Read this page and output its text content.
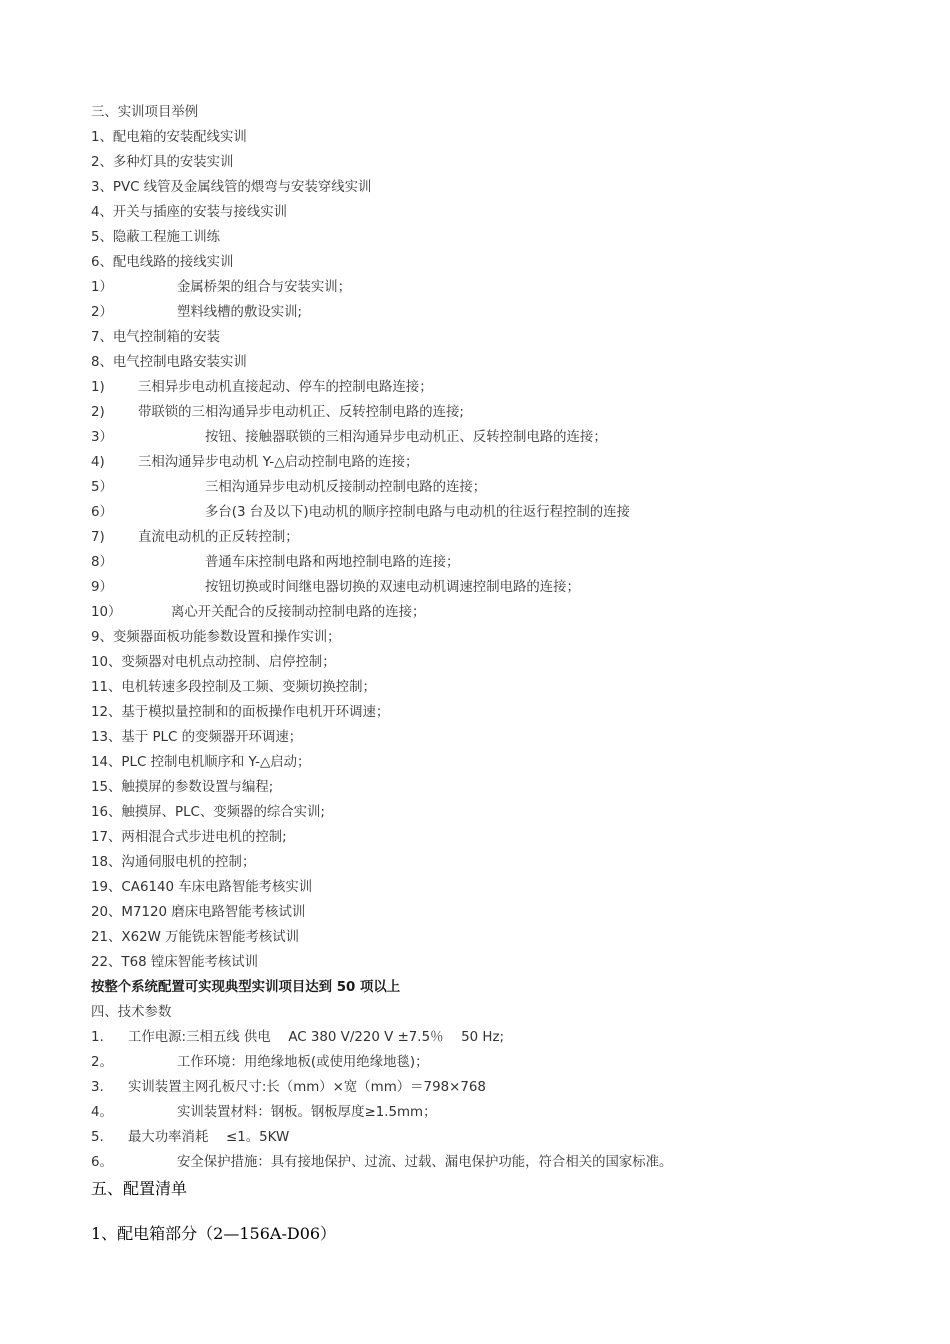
三、实训项目举例
1、配电箱的安装配线实训
2、多种灯具的安装实训
3、PVC 线管及金属线管的煨弯与安装穿线实训
4、开关与插座的安装与接线实训
5、隐蔽工程施工训练
6、配电线路的接线实训
1）	金属桥架的组合与安装实训；
2）	塑料线槽的敷设实训;
7、电气控制箱的安装
8、电气控制电路安装实训
1) 三相异步电动机直接起动、停车的控制电路连接；
2) 带联锁的三相沟通异步电动机正、反转控制电路的连接;
3）	按钮、接触器联锁的三相沟通异步电动机正、反转控制电路的连接；
4) 三相沟通异步电动机 Y-△启动控制电路的连接；
5）	三相沟通异步电动机反接制动控制电路的连接；
6）	多台(3 台及以下)电动机的顺序控制电路与电动机的往返行程控制的连接
7) 直流电动机的正反转控制；
8）	普通车床控制电路和两地控制电路的连接；
9）	按钮切换或时间继电器切换的双速电动机调速控制电路的连接；
10）	离心开关配合的反接制动控制电路的连接；
9、变频器面板功能参数设置和操作实训；
10、变频器对电机点动控制、启停控制；
11、电机转速多段控制及工频、变频切换控制；
12、基于模拟量控制和的面板操作电机开环调速；
13、基于 PLC 的变频器开环调速；
14、PLC 控制电机顺序和 Y-△启动；
15、触摸屏的参数设置与编程;
16、触摸屏、PLC、变频器的综合实训;
17、两相混合式步进电机的控制;
18、沟通伺服电机的控制；
19、CA6140 车床电路智能考核实训
20、M7120 磨床电路智能考核试训
21、X62W 万能铣床智能考核试训
22、T68 镗床智能考核试训
按整个系统配置可实现典型实训项目达到 50 项以上
四、技术参数
1. 工作电源:三相五线 供电 　AC 380 V/220 V ±7.5％ 　50 Hz;
2。	工作环境：用绝缘地板(或使用绝缘地毯)；
3. 实训装置主网孔板尺寸:长（mm）×宽（mm）＝798×768
4。	实训装置材料：钢板。钢板厚度≥1.5mm；
5. 最大功率消耗 　≤1。5KW
6。	安全保护措施：具有接地保护、过流、过载、漏电保护功能，符合相关的国家标准。
五、配置清单
1、配电箱部分（2—156A-D06）
